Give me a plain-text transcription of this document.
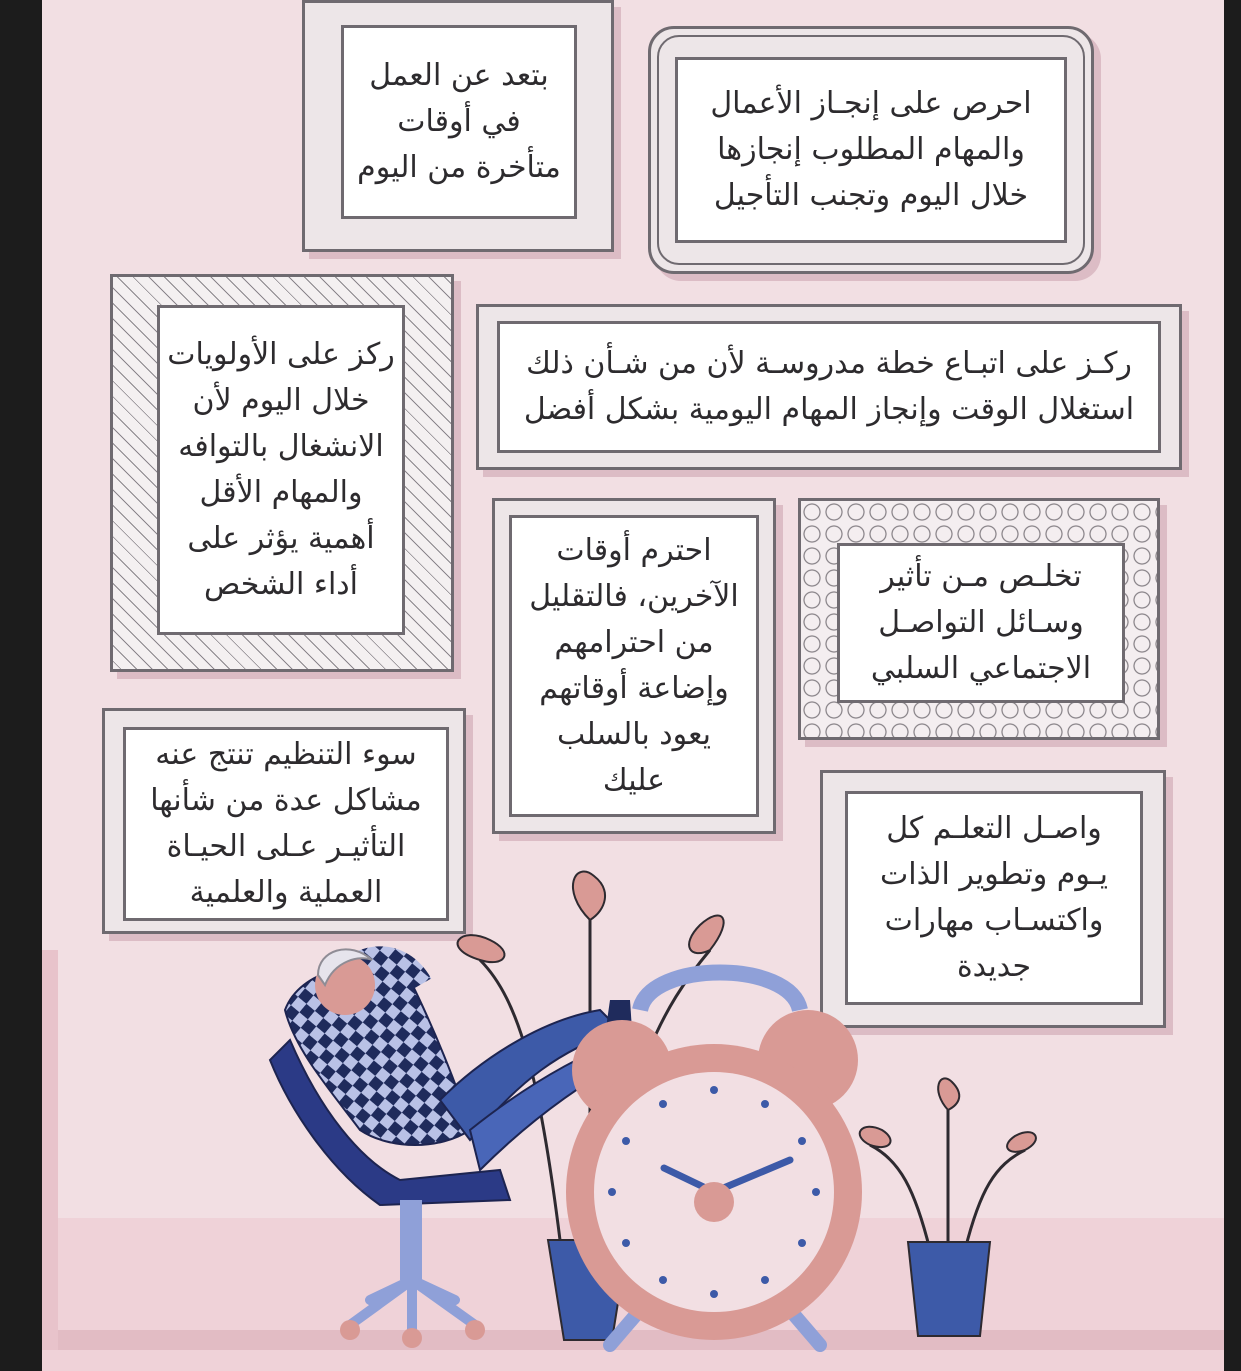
بتعد عن العمل
في أوقات
متأخرة من اليوم
احرص على إنجـاز الأعمال
والمهام المطلوب إنجازها
خلال اليوم وتجنب التأجيل
ركز على الأولويات
خلال اليوم لأن
الانشغال بالتوافه
والمهام الأقل
أهمية يؤثر على
أداء الشخص
ركـز على اتبـاع خطة مدروسـة لأن من شـأن ذلك
استغلال الوقت وإنجاز المهام اليومية بشكل أفضل
احترم أوقات
الآخرين، فالتقليل
من احترامهم
وإضاعة أوقاتهم
يعود بالسلب
عليك
تخلـص مـن تأثير
وسـائل التواصـل
الاجتماعي السلبي
سوء التنظيم تنتج عنه
مشاكل عدة من شأنها
التأثيـر عـلى الحيـاة
العملية والعلمية
واصـل التعلـم كل
يـوم وتطوير الذات
واكتسـاب مهارات
جديدة
